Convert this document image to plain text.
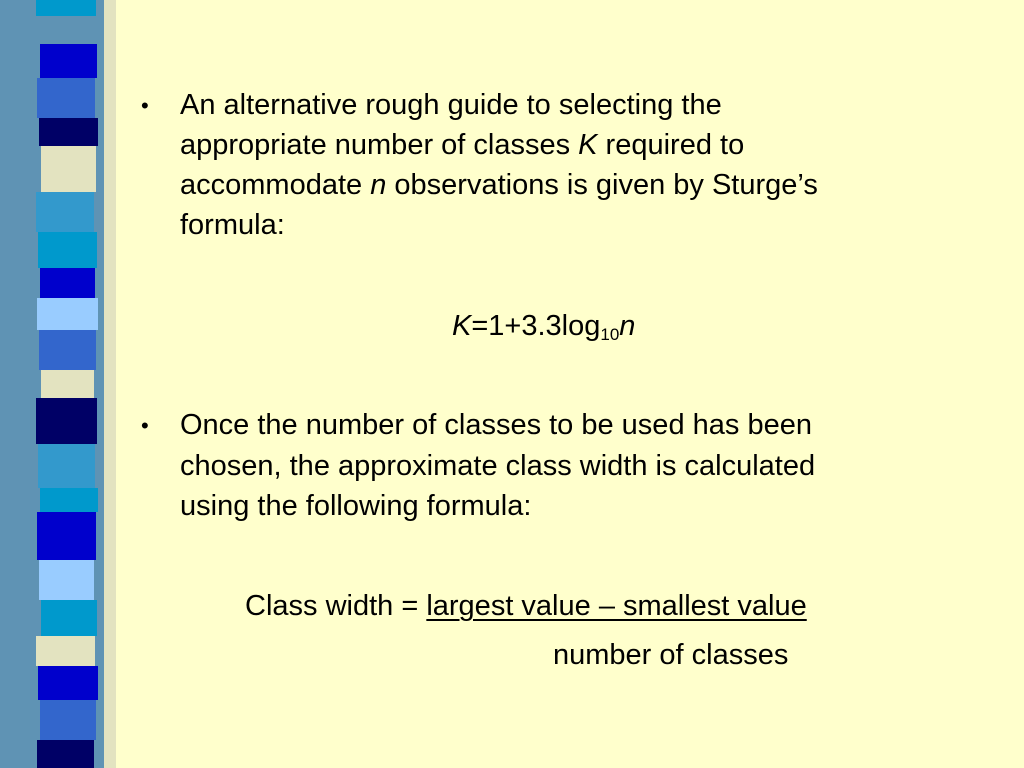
• An alternative rough guide to selecting the
appropriate number of classes K required to
accommodate n observations is given by Sturge’s
formula:
$K=1+3.3\log_{10}n$
• Once the number of classes to be used has been
chosen, the approximate class width is calculated
using the following formula:
Class width = largest value – smallest value
number of classes
